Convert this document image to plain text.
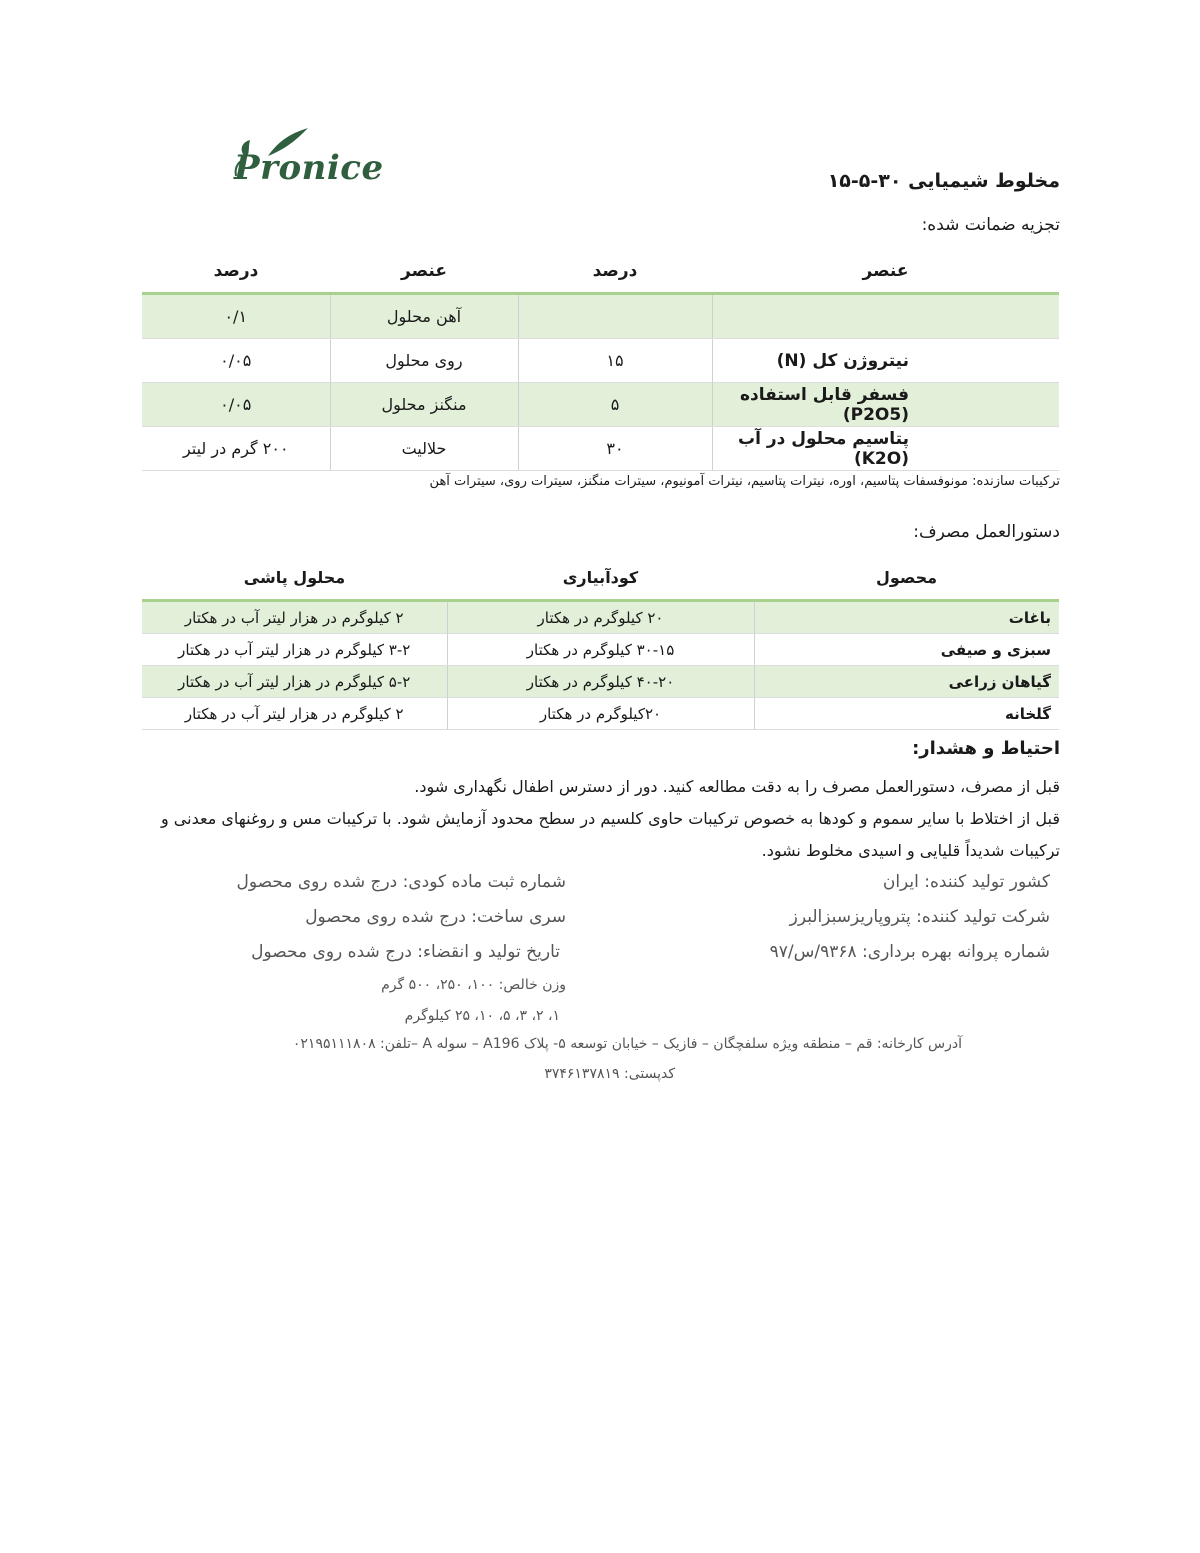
Pronice	مخلوط شیمیایی ۳۰-۵-۱۵
تجزیه ضمانت شده:
عنصر	درصد	عنصر	درصد

		آهن محلول	۰/۱
نیتروژن کل (N)	۱۵	روی محلول	۰/۰۵
فسفر قابل استفاده (P2O5)	۵	منگنز محلول	۰/۰۵
پتاسیم محلول در آب (K2O)	۳۰	حلالیت	۲۰۰ گرم در لیتر
ترکیبات سازنده: مونوفسفات پتاسیم، اوره، نیترات پتاسیم، نیترات آمونیوم، سیترات منگنز، سیترات روی، سیترات آهن
دستورالعمل مصرف:
محصول	کودآبیاری	محلول پاشی

باغات	۲۰ کیلوگرم در هکتار	۲ کیلوگرم در هزار لیتر آب در هکتار
سبزی و صیفی	۳۰-۱۵ کیلوگرم در هکتار	۳-۲ کیلوگرم در هزار لیتر آب در هکتار
گیاهان زراعی	۴۰-۲۰ کیلوگرم در هکتار	۵-۲ کیلوگرم در هزار لیتر آب در هکتار
گلخانه	۲۰کیلوگرم در هکتار	۲ کیلوگرم در هزار لیتر آب در هکتار
احتیاط و هشدار:
قبل از مصرف، دستورالعمل مصرف را به دقت مطالعه کنید. دور از دسترس اطفال نگهداری شود.
قبل از اختلاط با سایر سموم و کودها به خصوص ترکیبات حاوی کلسیم در سطح محدود آزمایش شود. با ترکیبات مس و روغنهای معدنی و ترکیبات شدیداً قلیایی و اسیدی مخلوط نشود.
کشور تولید کننده: ایران
شرکت تولید کننده: پتروپاریزسبزالبرز
شماره پروانه بهره برداری: ۹۳۶۸/س/۹۷
شماره ثبت ماده کودی: درج شده روی محصول
سری ساخت: درج شده روی محصول
تاریخ تولید و انقضاء: درج شده روی محصول
وزن خالص: ۱۰۰، ۲۵۰، ۵۰۰ گرم
۱، ۲، ۳، ۵، ۱۰، ۲۵ کیلوگرم
آدرس کارخانه: قم – منطقه ویژه سلفچگان – فازیک – خیابان توسعه ۵- پلاک A196 – سوله A –تلفن: ۰۲۱۹۵۱۱۱۸۰۸
کدپستی: ۳۷۴۶۱۳۷۸۱۹
